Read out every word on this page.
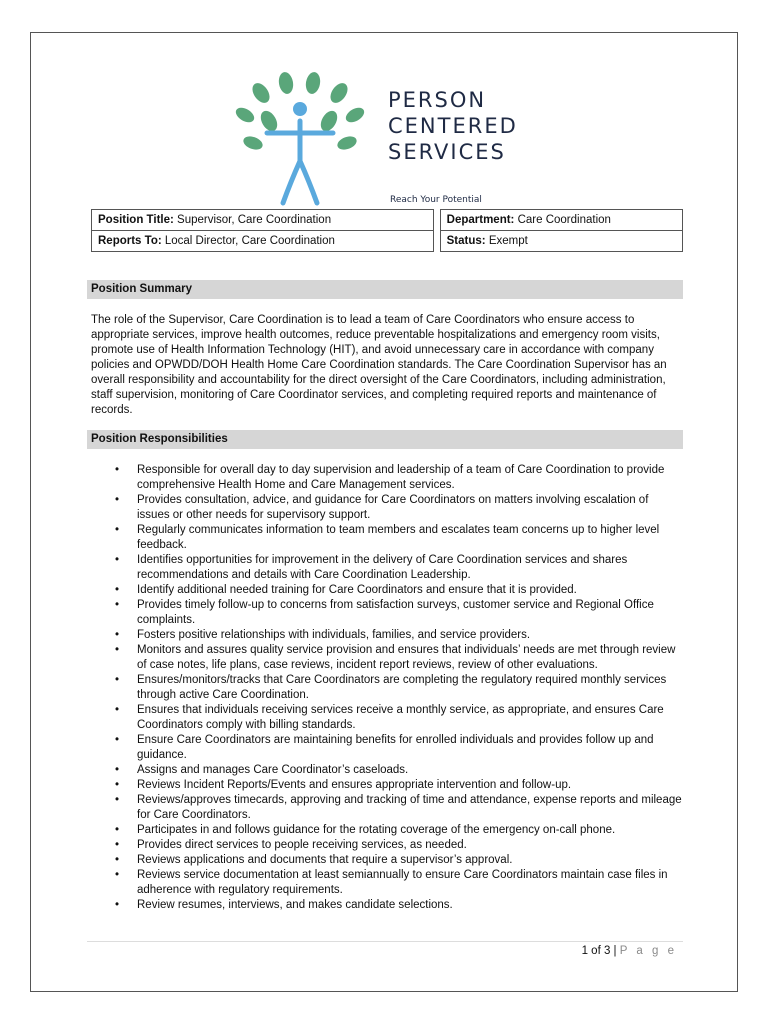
PERSON
CENTERED
SERVICES
Reach Your Potential
Position Title: Supervisor, Care Coordination		Department: Care Coordination
Reports To: Local Director, Care Coordination		Status: Exempt
Position Summary

The role of the Supervisor, Care Coordination is to lead a team of Care Coordinators who ensure access to appropriate services, improve health outcomes, reduce preventable hospitalizations and emergency room visits, promote use of Health Information Technology (HIT), and avoid unnecessary care in accordance with company policies and OPWDD/DOH Health Home Care Coordination standards. The Care Coordination Supervisor has an overall responsibility and accountability for the direct oversight of the Care Coordinators, including administration, staff supervision, monitoring of Care Coordinator services, and completing required reports and maintenance of records.

Position Responsibilities
• Responsible for overall day to day supervision and leadership of a team of Care Coordination to provide comprehensive Health Home and Care Management services.
• Provides consultation, advice, and guidance for Care Coordinators on matters involving escalation of issues or other needs for supervisory support.
• Regularly communicates information to team members and escalates team concerns up to higher level feedback.
• Identifies opportunities for improvement in the delivery of Care Coordination services and shares recommendations and details with Care Coordination Leadership.
• Identify additional needed training for Care Coordinators and ensure that it is provided.
• Provides timely follow-up to concerns from satisfaction surveys, customer service and Regional Office complaints.
• Fosters positive relationships with individuals, families, and service providers.
• Monitors and assures quality service provision and ensures that individuals’ needs are met through review of case notes, life plans, case reviews, incident report reviews, review of other evaluations.
• Ensures/monitors/tracks that Care Coordinators are completing the regulatory required monthly services through active Care Coordination.
• Ensures that individuals receiving services receive a monthly service, as appropriate, and ensures Care Coordinators comply with billing standards.
• Ensure Care Coordinators are maintaining benefits for enrolled individuals and provides follow up and guidance.
• Assigns and manages Care Coordinator’s caseloads.
• Reviews Incident Reports/Events and ensures appropriate intervention and follow-up.
• Reviews/approves timecards, approving and tracking of time and attendance, expense reports and mileage for Care Coordinators.
• Participates in and follows guidance for the rotating coverage of the emergency on-call phone.
• Provides direct services to people receiving services, as needed.
• Reviews applications and documents that require a supervisor’s approval.
• Reviews service documentation at least semiannually to ensure Care Coordinators maintain case files in adherence with regulatory requirements.
• Review resumes, interviews, and makes candidate selections.
1 of 3 | P a g e
